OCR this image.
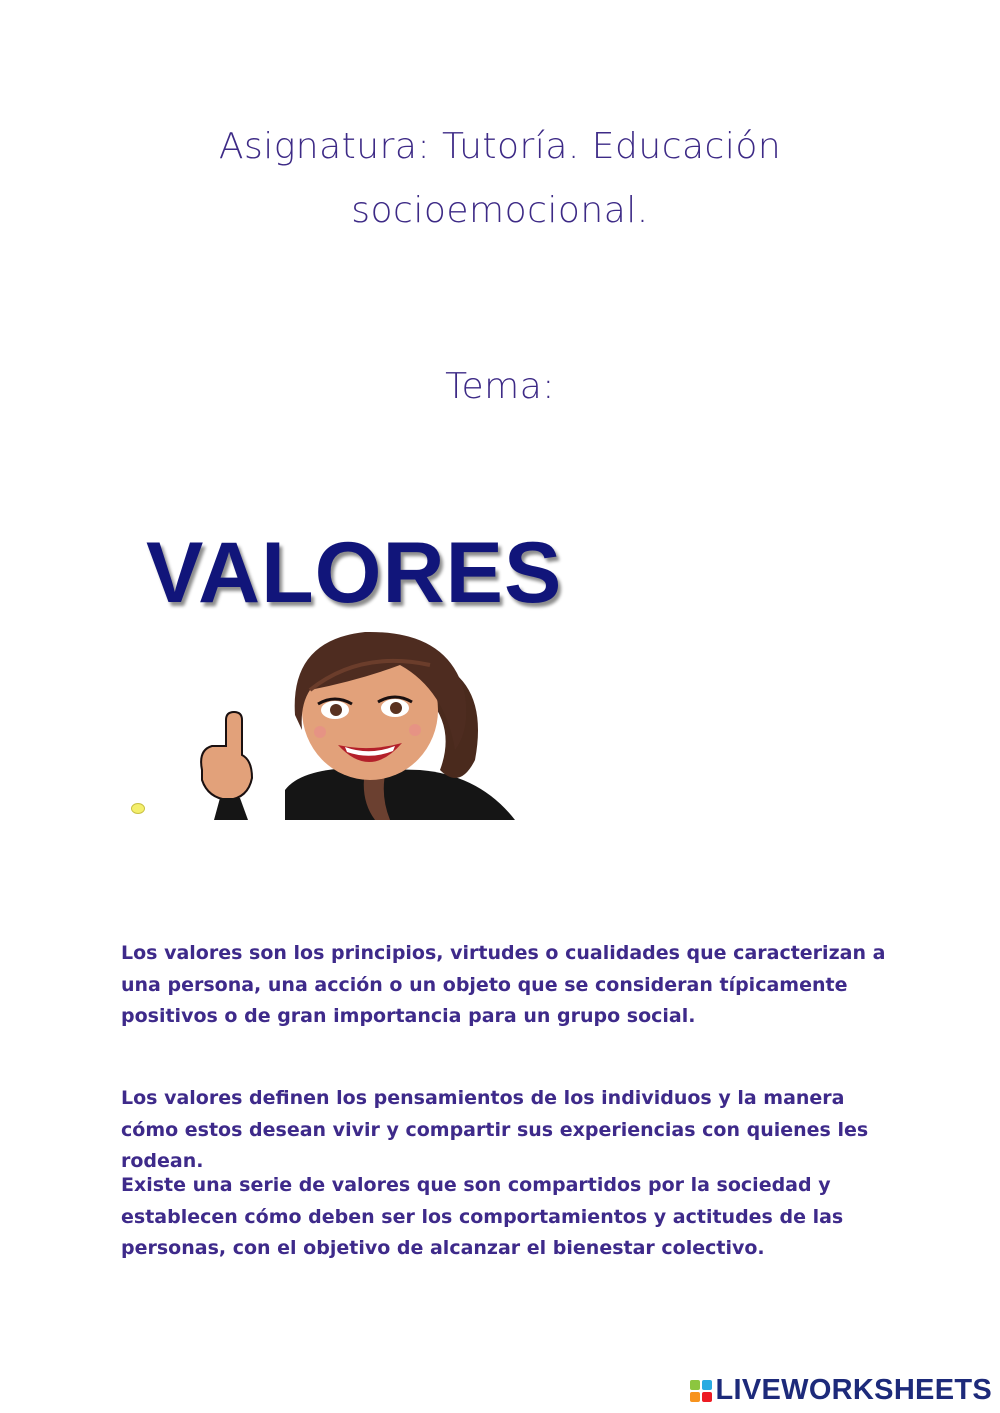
Asignatura: Tutoría. Educación
socioemocional.
Tema:
VALORES

Los valores son los principios, virtudes o cualidades que caracterizan a una persona, una acción o un objeto que se consideran típicamente positivos o de gran importancia para un grupo social.

Los valores definen los pensamientos de los individuos y la manera cómo estos desean vivir y compartir sus experiencias con quienes les rodean.

Existe una serie de valores que son compartidos por la sociedad y establecen cómo deben ser los comportamientos y actitudes de las personas, con el objetivo de alcanzar el bienestar colectivo.

LIVEWORKSHEETS
